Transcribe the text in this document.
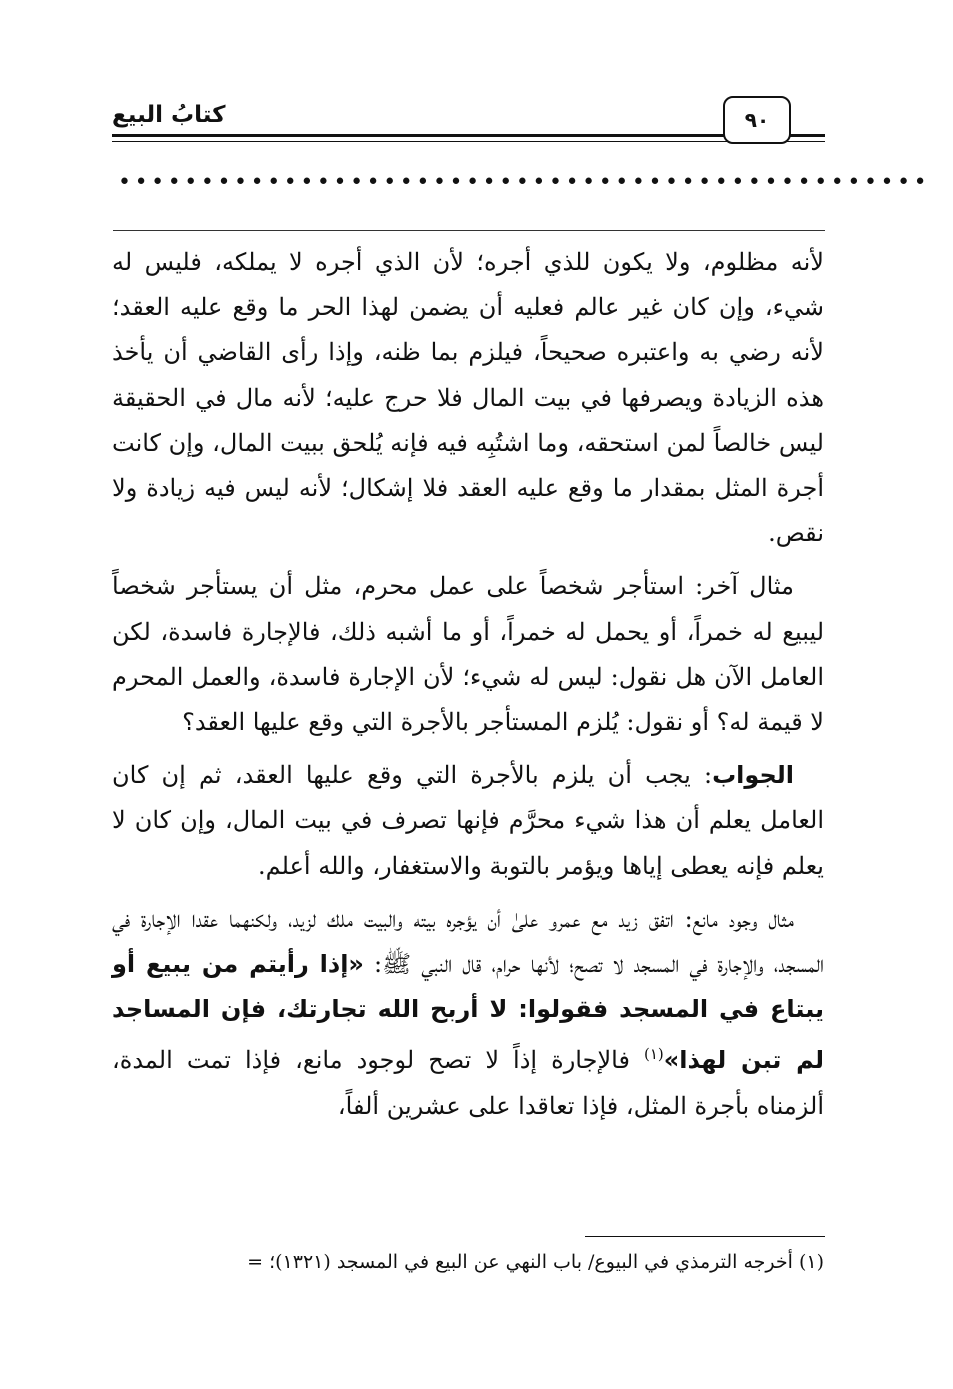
كتابُ البيع	٩٠
•••••••••••••••••••••••••••••••••••••••••••••••••

لأنه مظلوم، ولا يكون للذي أجره؛ لأن الذي أجره لا يملكه، فليس له شيء، وإن كان غير عالم فعليه أن يضمن لهذا الحر ما وقع عليه العقد؛ لأنه رضي به واعتبره صحيحاً، فيلزم بما ظنه، وإذا رأى القاضي أن يأخذ هذه الزيادة ويصرفها في بيت المال فلا حرج عليه؛ لأنه مال في الحقيقة ليس خالصاً لمن استحقه، وما اشتُبِه فيه فإنه يُلحق ببيت المال، وإن كانت أجرة المثل بمقدار ما وقع عليه العقد فلا إشكال؛ لأنه ليس فيه زيادة ولا نقص.

مثال آخر: استأجر شخصاً على عمل محرم، مثل أن يستأجر شخصاً ليبيع له خمراً، أو يحمل له خمراً، أو ما أشبه ذلك، فالإجارة فاسدة، لكن العامل الآن هل نقول: ليس له شيء؛ لأن الإجارة فاسدة، والعمل المحرم لا قيمة له؟ أو نقول: يُلزم المستأجر بالأجرة التي وقع عليها العقد؟

الجواب: يجب أن يلزم بالأجرة التي وقع عليها العقد، ثم إن كان العامل يعلم أن هذا شيء محرَّم فإنها تصرف في بيت المال، وإن كان لا يعلم فإنه يعطى إياها ويؤمر بالتوبة والاستغفار، والله أعلم.

مثال وجود مانع: اتفق زيد مع عمرو علىٰ أن يؤجره بيته والبيت ملك لزيد، ولكنهما عقدا الإجارة في المسجد، والإجارة في المسجد لا تصح؛ لأنها حرام، قال النبي ﷺ: «إذا رأيتم من يبيع أو يبتاع في المسجد فقولوا: لا أربح الله تجارتك، فإن المساجد لم تبن لهذا»$^{(١)}$ فالإجارة إذاً لا تصح لوجود مانع، فإذا تمت المدة، ألزمناه بأجرة المثل، فإذا تعاقدا على عشرين ألفاً،

(١) أخرجه الترمذي في البيوع/ باب النهي عن البيع في المسجد (١٣٢١)؛ =
